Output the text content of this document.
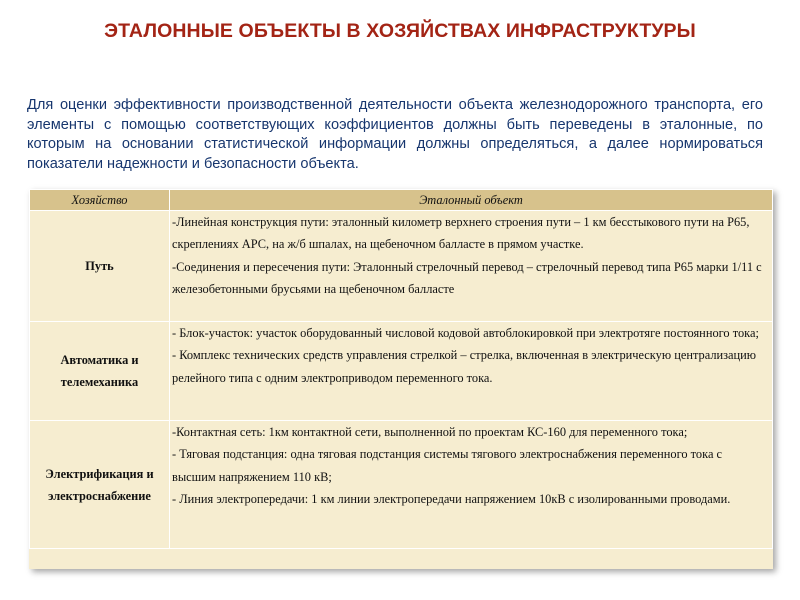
ЭТАЛОННЫЕ ОБЪЕКТЫ В ХОЗЯЙСТВАХ ИНФРАСТРУКТУРЫ

Для оценки эффективности производственной деятельности объекта железнодорожного транспорта, его элементы с помощью соответствующих коэффициентов должны быть переведены в эталонные, по которым на основании статистической информации должны определяться, а далее нормироваться показатели надежности и безопасности объекта.

Хозяйство	Эталонный объект
Путь	-Линейная конструкция пути: эталонный километр верхнего строения пути – 1 км бесстыкового пути на Р65, скреплениях АРС, на ж/б шпалах, на щебеночном балласте в прямом участке.
-Соединения и пересечения пути: Эталонный стрелочный перевод – стрелочный перевод типа Р65 марки 1/11 с железобетонными брусьями на щебеночном балласте

Автоматика и телемеханика	- Блок-участок: участок оборудованный числовой кодовой автоблокировкой при электротяге постоянного тока;
- Комплекс технических средств управления стрелкой – стрелка, включенная в электрическую централизацию релейного типа с одним электроприводом переменного тока.

Электрификация и электроснабжение	-Контактная сеть: 1км контактной сети, выполненной по проектам КС-160 для переменного тока;
- Тяговая подстанция: одна тяговая подстанция системы тягового электроснабжения переменного тока с высшим напряжением 110 кВ;
- Линия электропередачи: 1 км линии электропередачи напряжением 10кВ с изолированными проводами.
